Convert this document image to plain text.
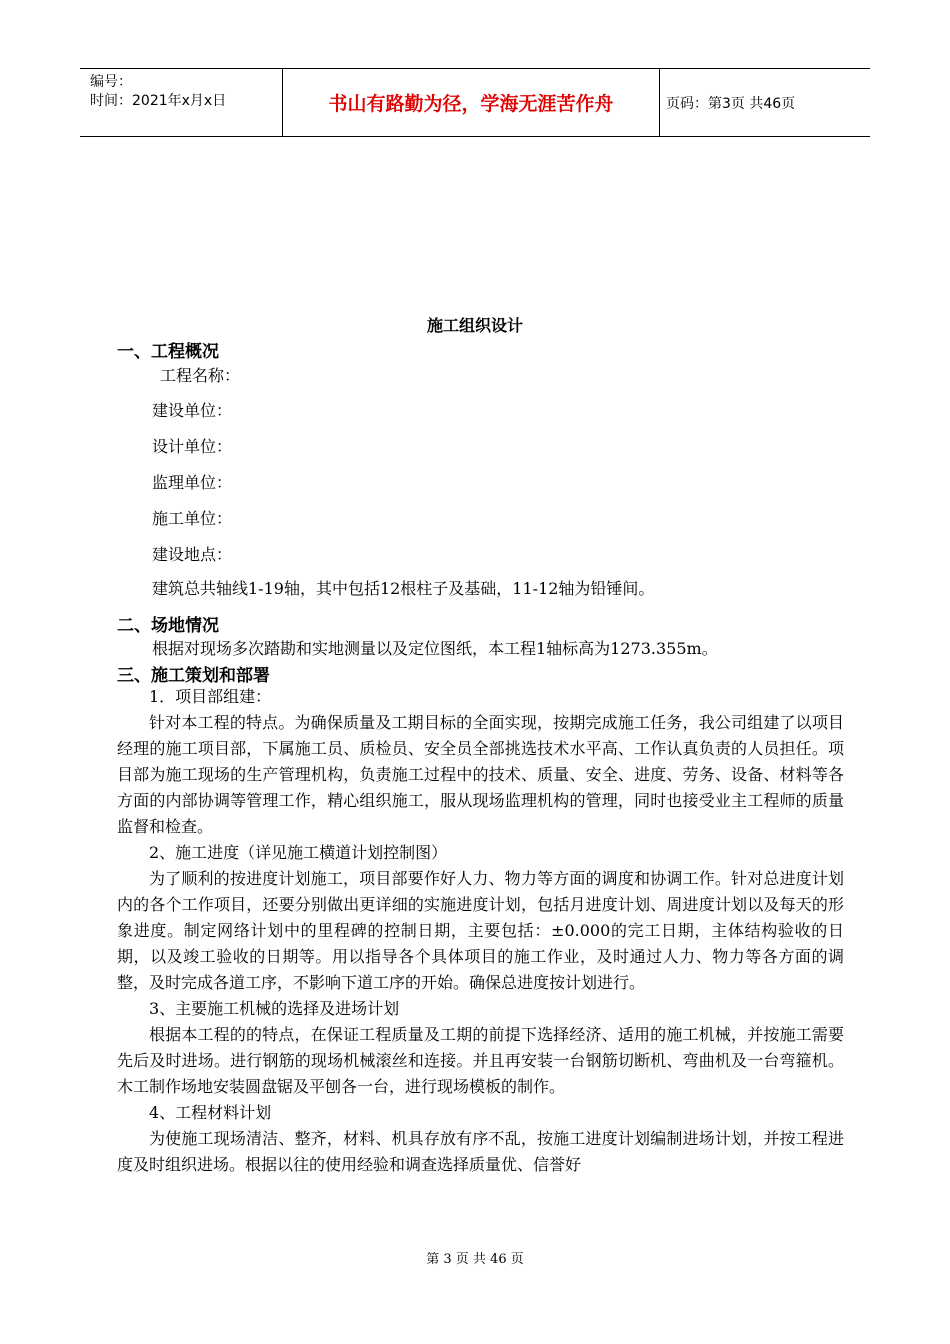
编号：
时间：2021年x月x日	书山有路勤为径，学海无涯苦作舟	页码：第3页 共46页
施工组织设计
一、工程概况
工程名称：
建设单位：
设计单位：
监理单位：
施工单位：
建设地点：
建筑总共轴线1-19轴，其中包括12根柱子及基础，11-12轴为铅锤间。
二、场地情况
根据对现场多次踏勘和实地测量以及定位图纸，本工程1轴标高为1273.355m。
三、施工策划和部署

1．项目部组建：

针对本工程的特点。为确保质量及工期目标的全面实现，按期完成施工任务，我公司组建了以项目经理的施工项目部，下属施工员、质检员、安全员全部挑选技术水平高、工作认真负责的人员担任。项目部为施工现场的生产管理机构，负责施工过程中的技术、质量、安全、进度、劳务、设备、材料等各方面的内部协调等管理工作，精心组织施工，服从现场监理机构的管理，同时也接受业主工程师的质量监督和检查。

2、施工进度（详见施工横道计划控制图）

为了顺利的按进度计划施工，项目部要作好人力、物力等方面的调度和协调工作。针对总进度计划内的各个工作项目，还要分别做出更详细的实施进度计划，包括月进度计划、周进度计划以及每天的形象进度。制定网络计划中的里程碑的控制日期，主要包括：±0.000的完工日期，主体结构验收的日期，以及竣工验收的日期等。用以指导各个具体项目的施工作业，及时通过人力、物力等各方面的调整，及时完成各道工序，不影响下道工序的开始。确保总进度按计划进行。

3、主要施工机械的选择及进场计划

根据本工程的的特点，在保证工程质量及工期的前提下选择经济、适用的施工机械，并按施工需要先后及时进场。进行钢筋的现场机械滚丝和连接。并且再安装一台钢筋切断机、弯曲机及一台弯箍机。木工制作场地安装圆盘锯及平刨各一台，进行现场模板的制作。

4、工程材料计划

为使施工现场清洁、整齐，材料、机具存放有序不乱，按施工进度计划编制进场计划，并按工程进度及时组织进场。根据以往的使用经验和调查选择质量优、信誉好

第 3 页 共 46 页
